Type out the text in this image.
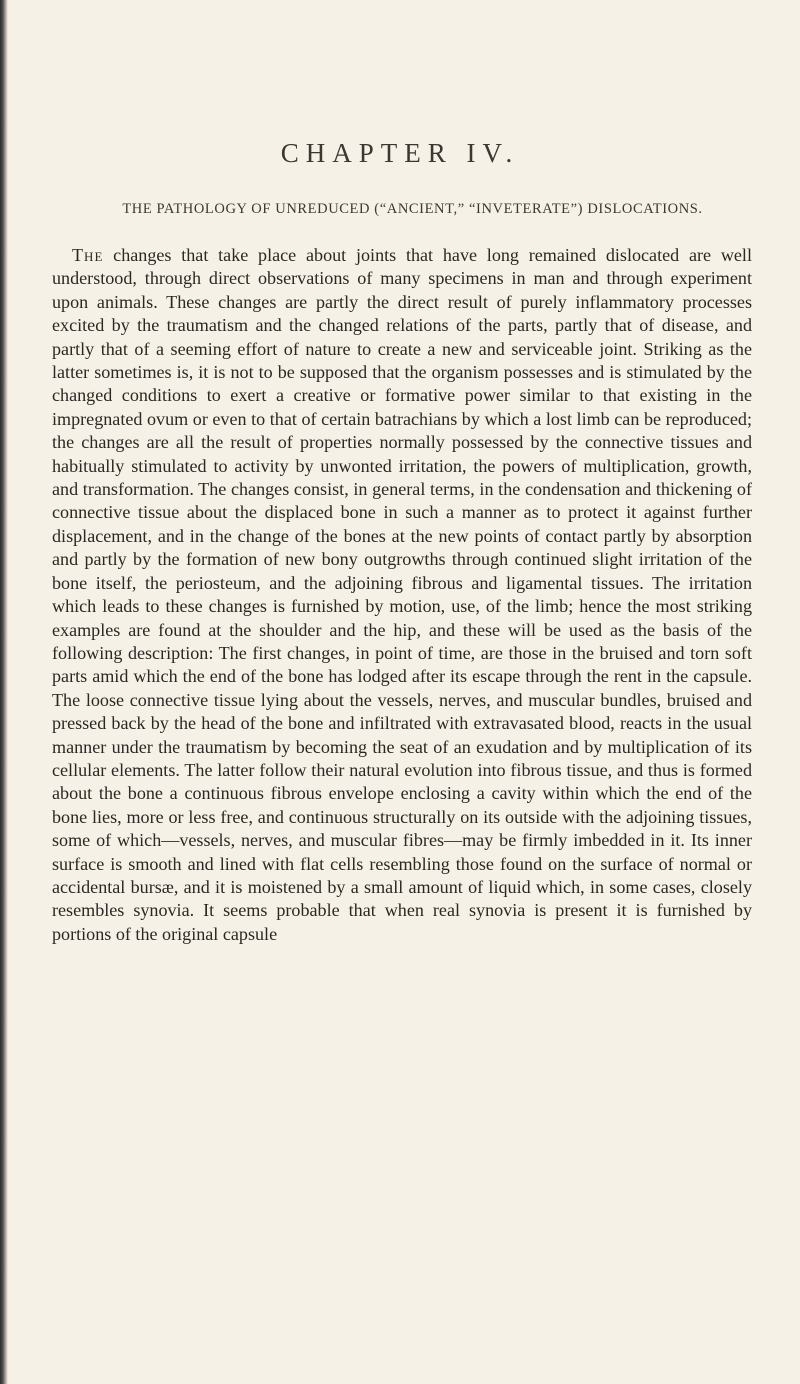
CHAPTER IV.
THE PATHOLOGY OF UNREDUCED (“ANCIENT,” “INVETERATE”) DISLOCATIONS.

The changes that take place about joints that have long remained dislocated are well understood, through direct observations of many specimens in man and through experiment upon animals. These changes are partly the direct result of purely inflammatory processes excited by the traumatism and the changed relations of the parts, partly that of disease, and partly that of a seeming effort of nature to create a new and serviceable joint. Striking as the latter sometimes is, it is not to be supposed that the organism possesses and is stimulated by the changed conditions to exert a creative or formative power similar to that existing in the impregnated ovum or even to that of certain batrachians by which a lost limb can be reproduced; the changes are all the result of properties normally possessed by the connective tissues and habitually stimulated to activity by unwonted irritation, the powers of multiplication, growth, and transformation. The changes consist, in general terms, in the condensation and thickening of connective tissue about the displaced bone in such a manner as to protect it against further displacement, and in the change of the bones at the new points of contact partly by absorption and partly by the formation of new bony outgrowths through continued slight irritation of the bone itself, the periosteum, and the adjoining fibrous and ligamental tissues. The irritation which leads to these changes is furnished by motion, use, of the limb; hence the most striking examples are found at the shoulder and the hip, and these will be used as the basis of the following description: The first changes, in point of time, are those in the bruised and torn soft parts amid which the end of the bone has lodged after its escape through the rent in the capsule. The loose connective tissue lying about the vessels, nerves, and muscular bundles, bruised and pressed back by the head of the bone and infiltrated with extravasated blood, reacts in the usual manner under the traumatism by becoming the seat of an exudation and by multiplication of its cellular elements. The latter follow their natural evolution into fibrous tissue, and thus is formed about the bone a continuous fibrous envelope enclosing a cavity within which the end of the bone lies, more or less free, and continuous structurally on its outside with the adjoining tissues, some of which—vessels, nerves, and muscular fibres—may be firmly imbedded in it. Its inner surface is smooth and lined with flat cells resembling those found on the surface of normal or accidental bursæ, and it is moistened by a small amount of liquid which, in some cases, closely resembles synovia. It seems probable that when real synovia is present it is furnished by portions of the original capsule
